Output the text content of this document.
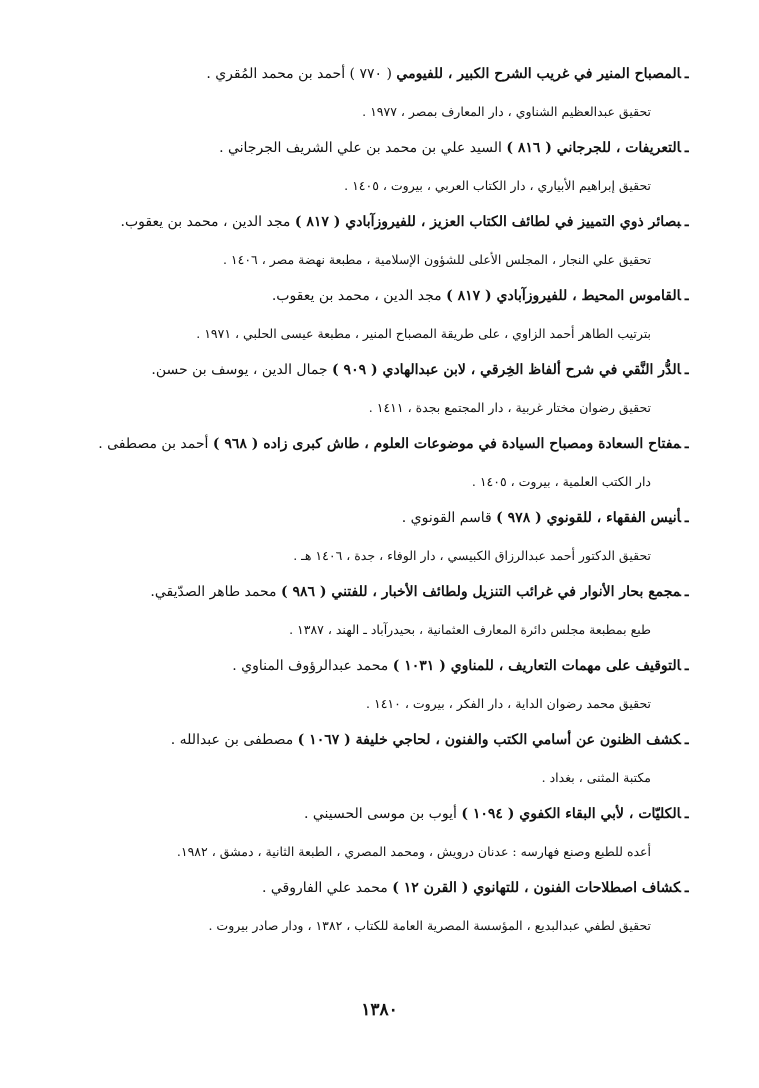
ـالمصباح المنير في غريب الشرح الكبير ، للفيومي ( ٧٧٠ ) أحمد بن محمد المُقري .
تحقيق عبدالعظيم الشناوي ، دار المعارف بمصر ، ١٩٧٧ .
ـالتعريفات ، للجرجاني ( ٨١٦ ) السيد علي بن محمد بن علي الشريف الجرجاني .
تحقيق إبراهيم الأبياري ، دار الكتاب العربي ، بيروت ، ١٤٠٥ .
ـبصائر ذوي التمييز في لطائف الكتاب العزيز ، للفيروزآبادي ( ٨١٧ ) مجد الدين ، محمد بن يعقوب.
تحقيق علي النجار ، المجلس الأعلى للشؤون الإسلامية ، مطبعة نهضة مصر ، ١٤٠٦ .
ـالقاموس المحيط ، للفيروزآبادي ( ٨١٧ ) مجد الدين ، محمد بن يعقوب.
بترتيب الطاهر أحمد الزاوي ، على طريقة المصباح المنير ، مطبعة عيسى الحلبي ، ١٩٧١ .
ـالدُّر النَّقي في شرح ألفاظ الخِرقي ، لابن عبدالهادي ( ٩٠٩ ) جمال الدين ، يوسف بن حسن.
تحقيق رضوان مختار غربية ، دار المجتمع بجدة ، ١٤١١ .
ـمفتاح السعادة ومصباح السيادة في موضوعات العلوم ، طاش كبرى زاده ( ٩٦٨ ) أحمد بن مصطفى .
دار الكتب العلمية ، بيروت ، ١٤٠٥ .
ـأنيس الفقهاء ، للقونوي ( ٩٧٨ ) قاسم القونوي .
تحقيق الدكتور أحمد عبدالرزاق الكبيسي ، دار الوفاء ، جدة ، ١٤٠٦ هـ .
ـمجمع بحار الأنوار في غرائب التنزيل ولطائف الأخبار ، للفتني ( ٩٨٦ ) محمد طاهر الصدّيقي.
طبع بمطبعة مجلس دائرة المعارف العثمانية ، بحيدرآباد ـ الهند ، ١٣٨٧ .
ـالتوقيف على مهمات التعاريف ، للمناوي ( ١٠٣١ ) محمد عبدالرؤوف المناوي .
تحقيق محمد رضوان الداية ، دار الفكر ، بيروت ، ١٤١٠ .
ـكشف الظنون عن أسامي الكتب والفنون ، لحاجي خليفة ( ١٠٦٧ ) مصطفى بن عبدالله .
مكتبة المثنى ، بغداد .
ـالكليّات ، لأبي البقاء الكفوي ( ١٠٩٤ ) أيوب بن موسى الحسيني .
أعده للطبع وصنع فهارسه : عدنان درويش ، ومحمد المصري ، الطبعة الثانية ، دمشق ، ١٩٨٢.
ـكشاف اصطلاحات الفنون ، للتهانوي ( القرن ١٢ ) محمد علي الفاروقي .
تحقيق لطفي عبدالبديع ، المؤسسة المصرية العامة للكتاب ، ١٣٨٢ ، ودار صادر بيروت .
١٣٨٠
